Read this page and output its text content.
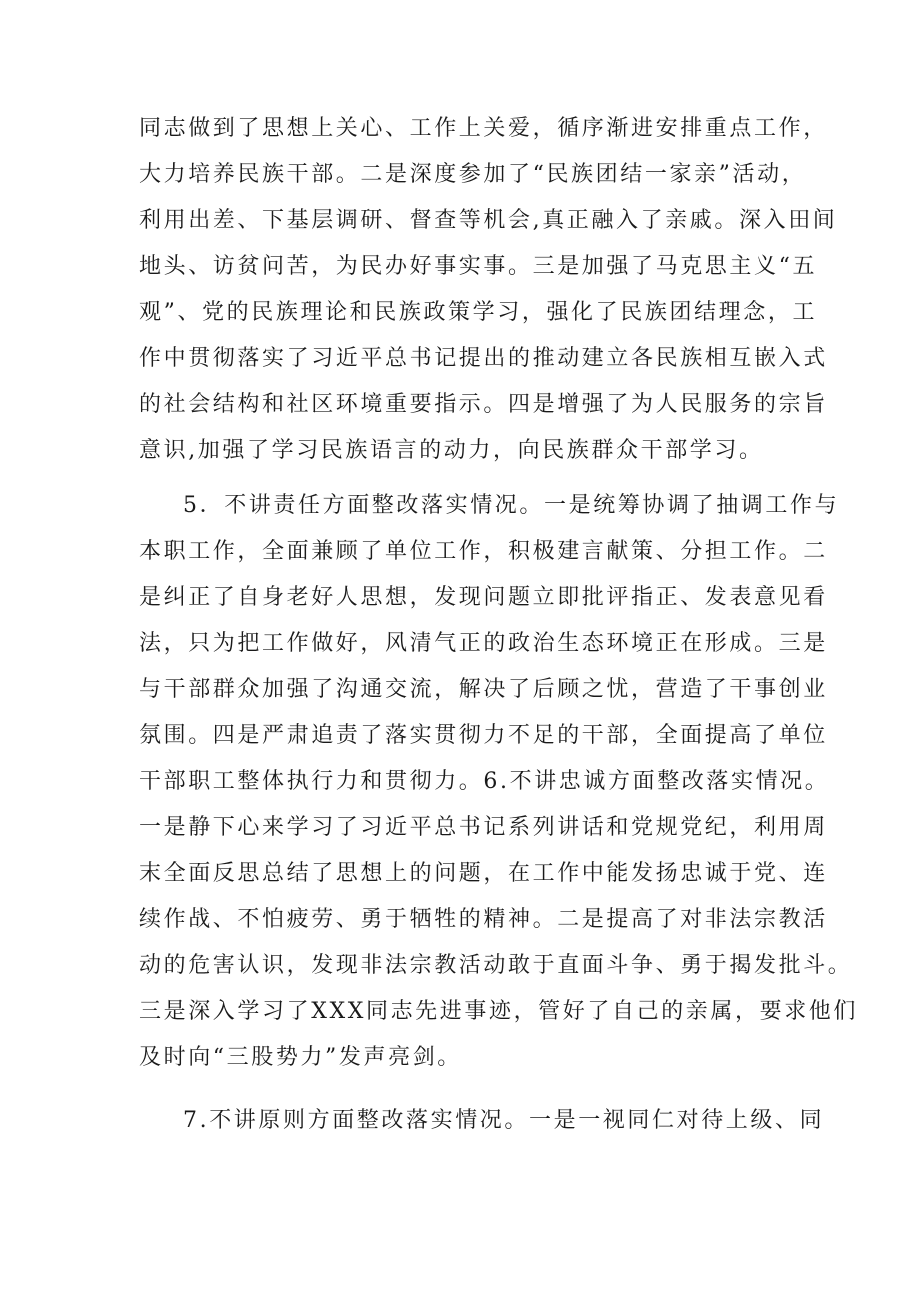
同志做到了思想上关心、工作上关爱，循序渐进安排重点工作，
大力培养民族干部。二是深度参加了“民族团结一家亲”活动，
利用出差、下基层调研、督查等机会,真正融入了亲戚。深入田间
地头、访贫问苦，为民办好事实事。三是加强了马克思主义“五
观”、党的民族理论和民族政策学习，强化了民族团结理念，工
作中贯彻落实了习近平总书记提出的推动建立各民族相互嵌入式
的社会结构和社区环境重要指示。四是增强了为人民服务的宗旨
意识,加强了学习民族语言的动力，向民族群众干部学习。
5．不讲责任方面整改落实情况。一是统筹协调了抽调工作与
本职工作，全面兼顾了单位工作，积极建言献策、分担工作。二
是纠正了自身老好人思想，发现问题立即批评指正、发表意见看
法，只为把工作做好，风清气正的政治生态环境正在形成。三是
与干部群众加强了沟通交流，解决了后顾之忧，营造了干事创业
氛围。四是严肃追责了落实贯彻力不足的干部，全面提高了单位
干部职工整体执行力和贯彻力。6.不讲忠诚方面整改落实情况。
一是静下心来学习了习近平总书记系列讲话和党规党纪，利用周
末全面反思总结了思想上的问题，在工作中能发扬忠诚于党、连
续作战、不怕疲劳、勇于牺牲的精神。二是提高了对非法宗教活
动的危害认识，发现非法宗教活动敢于直面斗争、勇于揭发批斗。
三是深入学习了XXX同志先进事迹，管好了自己的亲属，要求他们
及时向“三股势力”发声亮剑。
7.不讲原则方面整改落实情况。一是一视同仁对待上级、同
